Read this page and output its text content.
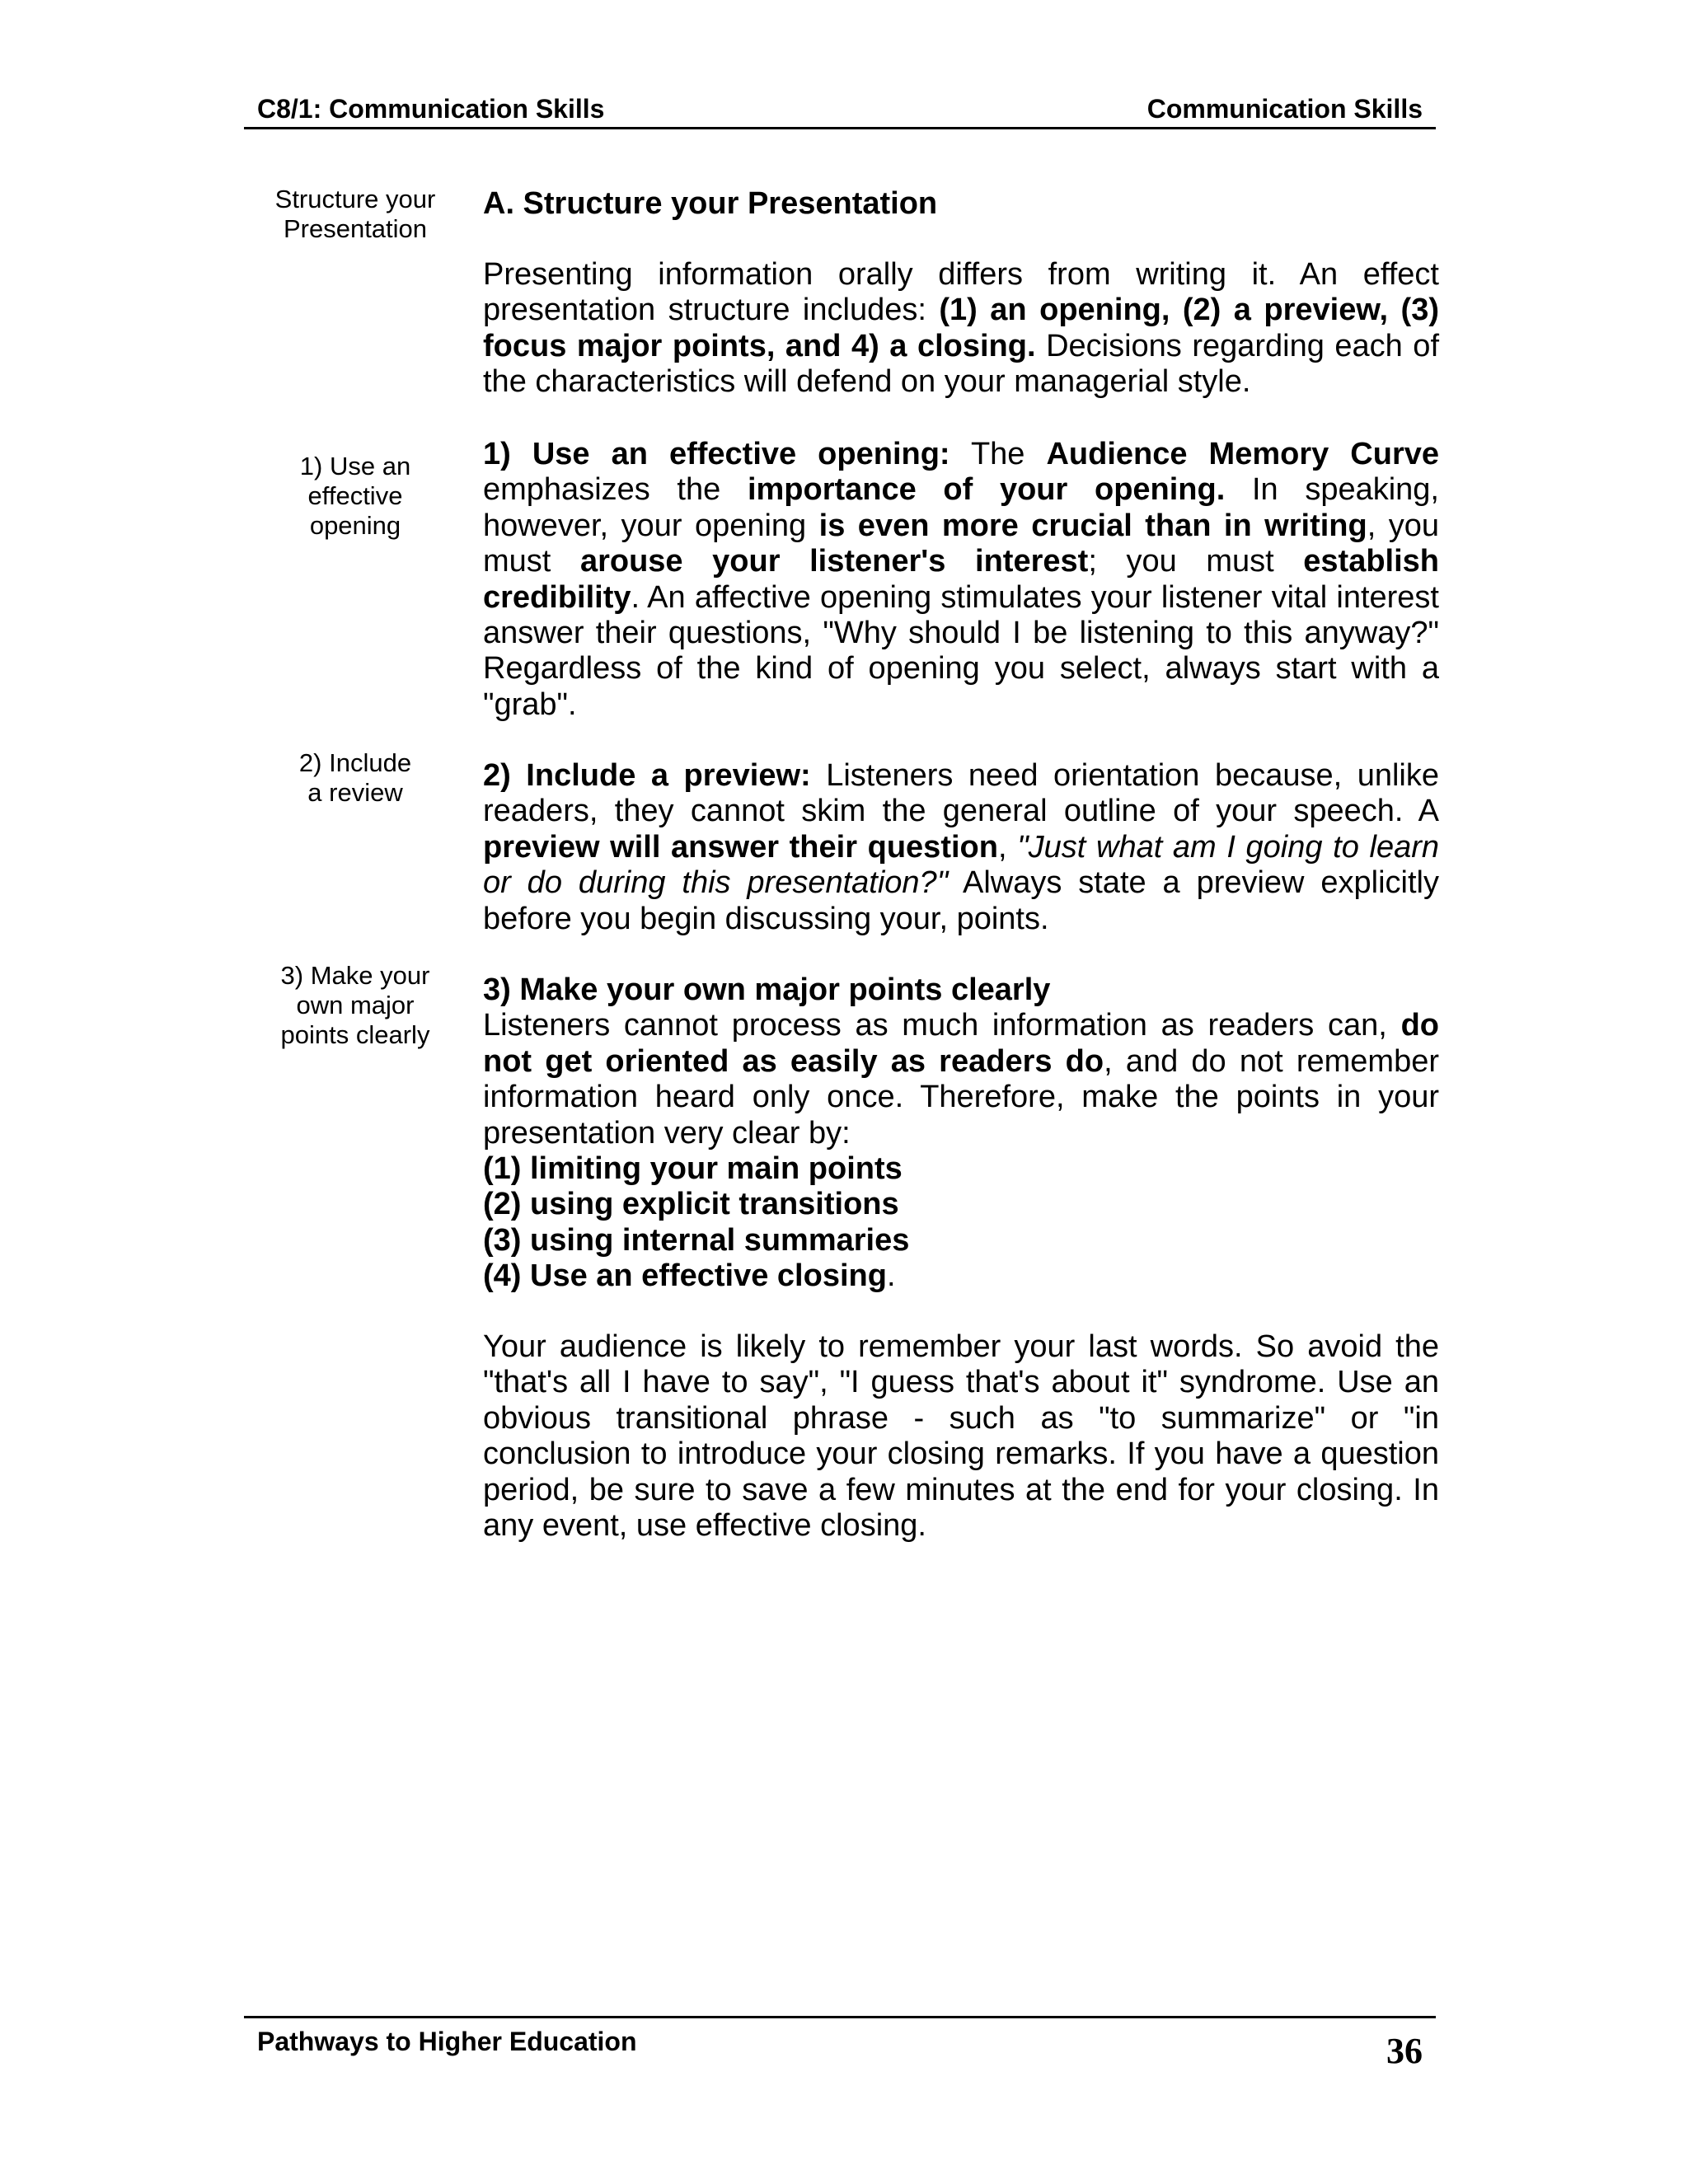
C8/1: Communication Skills	Communication Skills
Structure your Presentation
1) Use an effective opening
2) Include a review
3) Make your own major points clearly
A. Structure your Presentation

Presenting information orally differs from writing it. An effect presentation structure includes: (1) an opening, (2) a preview, (3) focus major points, and 4) a closing. Decisions regarding each of the characteristics will defend on your managerial style.

1) Use an effective opening: The Audience Memory Curve emphasizes the importance of your opening. In speaking, however, your opening is even more crucial than in writing, you must arouse your listener's interest; you must establish credibility. An affective opening stimulates your listener vital interest answer their questions, "Why should I be listening to this anyway?" Regardless of the kind of opening you select, always start with a "grab".

2) Include a preview: Listeners need orientation because, unlike readers, they cannot skim the general outline of your speech. A preview will answer their question, "Just what am I going to learn or do during this presentation?" Always state a preview explicitly before you begin discussing your, points.

3) Make your own major points clearly

Listeners cannot process as much information as readers can, do not get oriented as easily as readers do, and do not remember information heard only once. Therefore, make the points in your presentation very clear by:

(1) limiting your main points
(2) using explicit transitions
(3) using internal summaries
(4) Use an effective closing.

Your audience is likely to remember your last words. So avoid the "that's all I have to say", "I guess that's about it" syndrome. Use an obvious transitional phrase - such as "to summarize" or "in conclusion to introduce your closing remarks. If you have a question period, be sure to save a few minutes at the end for your closing. In any event, use effective closing.

Pathways to Higher Education	36
